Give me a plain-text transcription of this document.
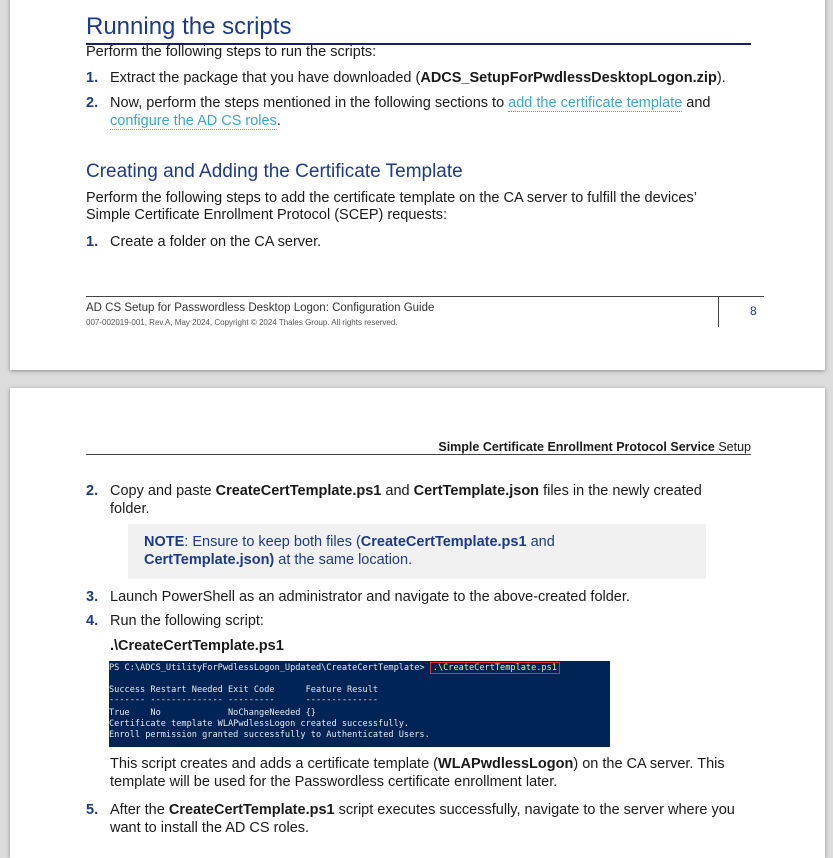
Running the scripts
Perform the following steps to run the scripts:
1. Extract the package that you have downloaded (ADCS_SetupForPwdlessDesktopLogon.zip).
2. Now, perform the steps mentioned in the following sections to add the certificate template and
configure the AD CS roles.
Creating and Adding the Certificate Template
Perform the following steps to add the certificate template on the CA server to fulfill the devices’
Simple Certificate Enrollment Protocol (SCEP) requests:
1. Create a folder on the CA server.
AD CS Setup for Passwordless Desktop Logon: Configuration Guide
007-002019-001, Rev.A, May 2024, Copyright © 2024 Thales Group. All rights reserved.
8
Simple Certificate Enrollment Protocol Service Setup
2. Copy and paste CreateCertTemplate.ps1 and CertTemplate.json files in the newly created
folder.
NOTE: Ensure to keep both files (CreateCertTemplate.ps1 and
CertTemplate.json) at the same location.
3. Launch PowerShell as an administrator and navigate to the above-created folder.
4. Run the following script:
.\CreateCertTemplate.ps1
PS C:\ADCS_UtilityForPwdlessLogon_Updated\CreateCertTemplate> .\CreateCertTemplate.ps1
Success Restart Needed Exit Code      Feature Result
------- -------------- ---------      --------------
True    No             NoChangeNeeded {}
Certificate template WLAPwdlessLogon created successfully.
Enroll permission granted successfully to Authenticated Users.
This script creates and adds a certificate template (WLAPwdlessLogon) on the CA server. This
template will be used for the Passwordless certificate enrollment later.
5. After the CreateCertTemplate.ps1 script executes successfully, navigate to the server where you
want to install the AD CS roles.
